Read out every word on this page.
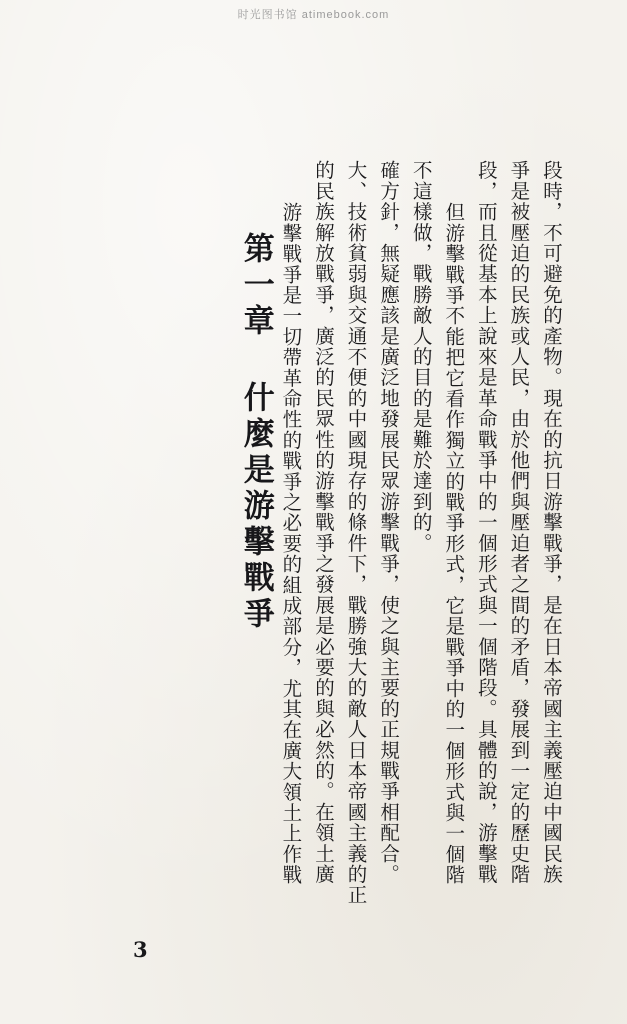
时光图书馆 atimebook.com
第一章 什麼是游擊戰爭 游擊戰爭是一切帶革命性的戰爭之必要的組成部分，尤其在廣大領土上作戰 的民族解放戰爭，廣泛的民眾性的游擊戰爭之發展是必要的與必然的。在領土廣 大、技術貧弱與交通不便的中國現存的條件下，戰勝強大的敵人日本帝國主義的正 確方針，無疑應該是廣泛地發展民眾游擊戰爭，使之與主要的正規戰爭相配合。 不這樣做，戰勝敵人的目的是難於達到的。 但游擊戰爭不能把它看作獨立的戰爭形式，它是戰爭中的一個形式與一個階 段，而且從基本上說來是革命戰爭中的一個形式與一個階段。具體的說，游擊戰 爭是被壓迫的民族或人民，由於他們與壓迫者之間的矛盾，發展到一定的歷史階 段時，不可避免的產物。現在的抗日游擊戰爭，是在日本帝國主義壓迫中國民族
3
